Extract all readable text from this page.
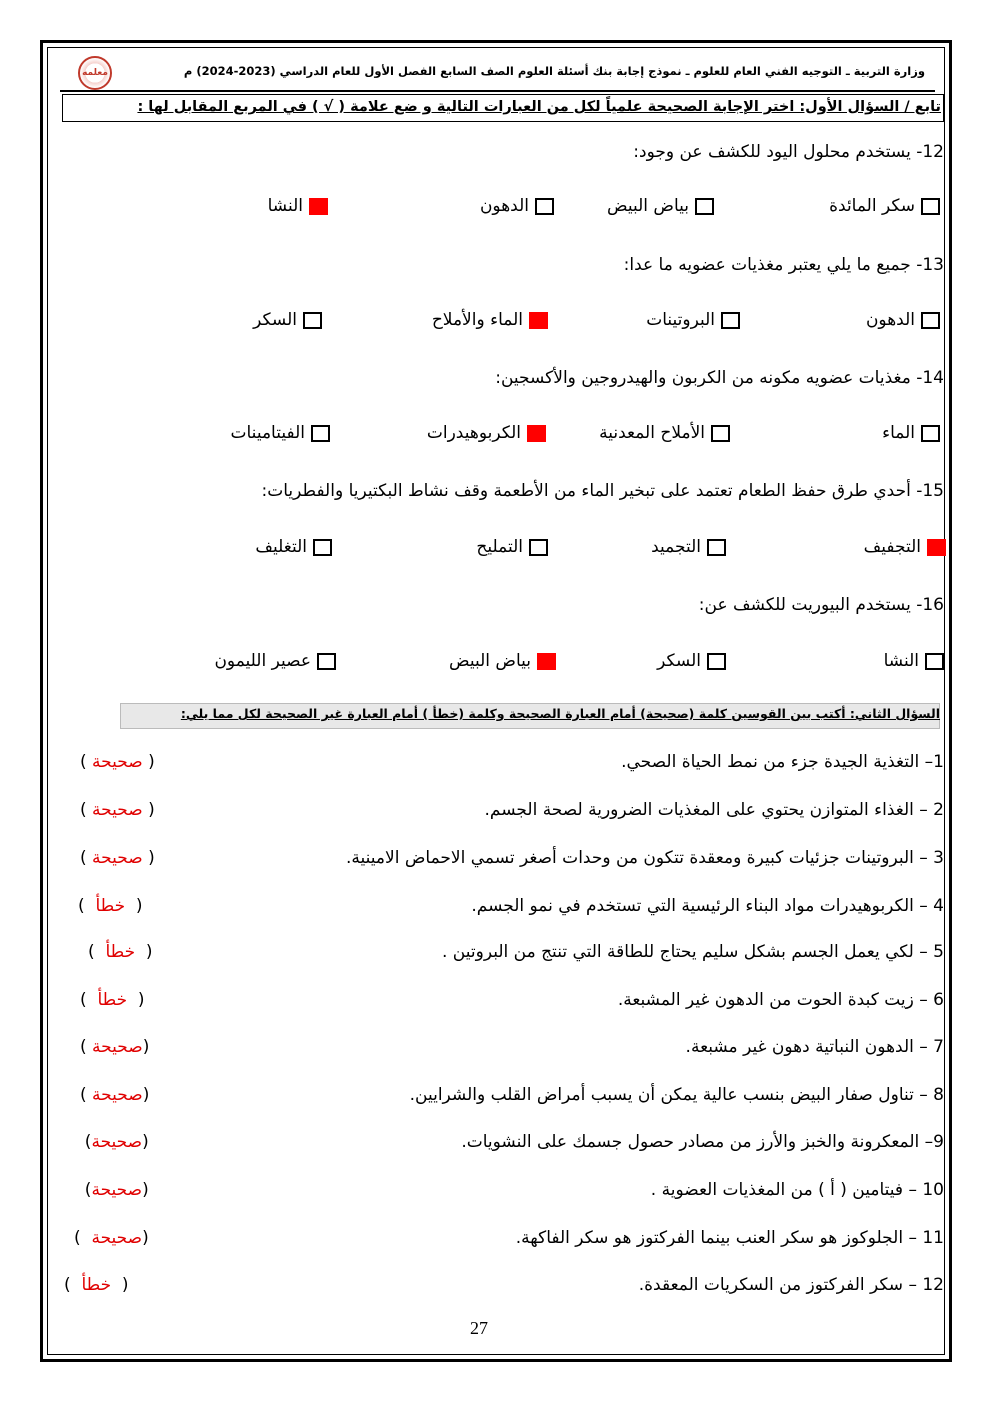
معلمه	وزارة التربية ـ التوجيه الفني العام للعلوم ـ نموذج إجابة بنك أسئلة العلوم الصف السابع الفصل الأول للعام الدراسي (2023-2024) م
تابع / السؤال الأول: اختر الإجابة الصحيحة علمياً لكل من العبارات التالية و ضع علامة ( √ ) في المربع المقابل لها :
12- يستخدم محلول اليود للكشف عن وجود:
سكر المائدة
بياض البيض
الدهون
النشا
13- جميع ما يلي يعتبر مغذيات عضويه ما عدا:
الدهون
البروتينات
الماء والأملاح
السكر
14- مغذيات عضويه مكونه من الكربون والهيدروجين والأكسجين:
الماء
الأملاح المعدنية
الكربوهيدرات
الفيتامينات
15- أحدي طرق حفظ الطعام تعتمد على تبخير الماء من الأطعمة وقف نشاط البكتيريا والفطريات:
التجفيف
التجميد
التمليح
التغليف
16- يستخدم البيوريت للكشف عن:
النشا
السكر
بياض البيض
عصير الليمون
السؤال الثاني: أكتب بين القوسين كلمة (صحيحة) أمام العبارة الصحيحة وكلمة (خطأ ) أمام العبارة غير الصحيحة لكل مما يلي:
1– التغذية الجيدة جزء من نمط الحياة الصحي.
( صحيحة )
2 – الغذاء المتوازن يحتوي على المغذيات الضرورية لصحة الجسم.
( صحيحة )
3 – البروتينات جزئيات كبيرة ومعقدة تتكون من وحدات أصغر تسمي الاحماض الامينية.
( صحيحة )
4 – الكربوهيدرات مواد البناء الرئيسية التي تستخدم في نمو الجسم.
(  خطأ  )
5 – لكي يعمل الجسم بشكل سليم يحتاج للطاقة التي تنتج من البروتين .
(  خطأ  )
6 – زيت كبدة الحوت من الدهون غير المشبعة.
(  خطأ  )
7 – الدهون النباتية دهون غير مشبعة.
(صحيحة )
8 – تناول صفار البيض بنسب عالية يمكن أن يسبب أمراض القلب والشرايين.
(صحيحة )
9– المعكرونة والخبز والأرز من مصادر حصول جسمك على النشويات.
(صحيحة)
10 – فيتامين ( أ ) من المغذيات العضوية .
(صحيحة)
11 – الجلوكوز هو سكر العنب بينما الفركتوز هو سكر الفاكهة.
(صحيحة  )
12 – سكر الفركتوز من السكريات المعقدة.
(  خطأ  )
27
